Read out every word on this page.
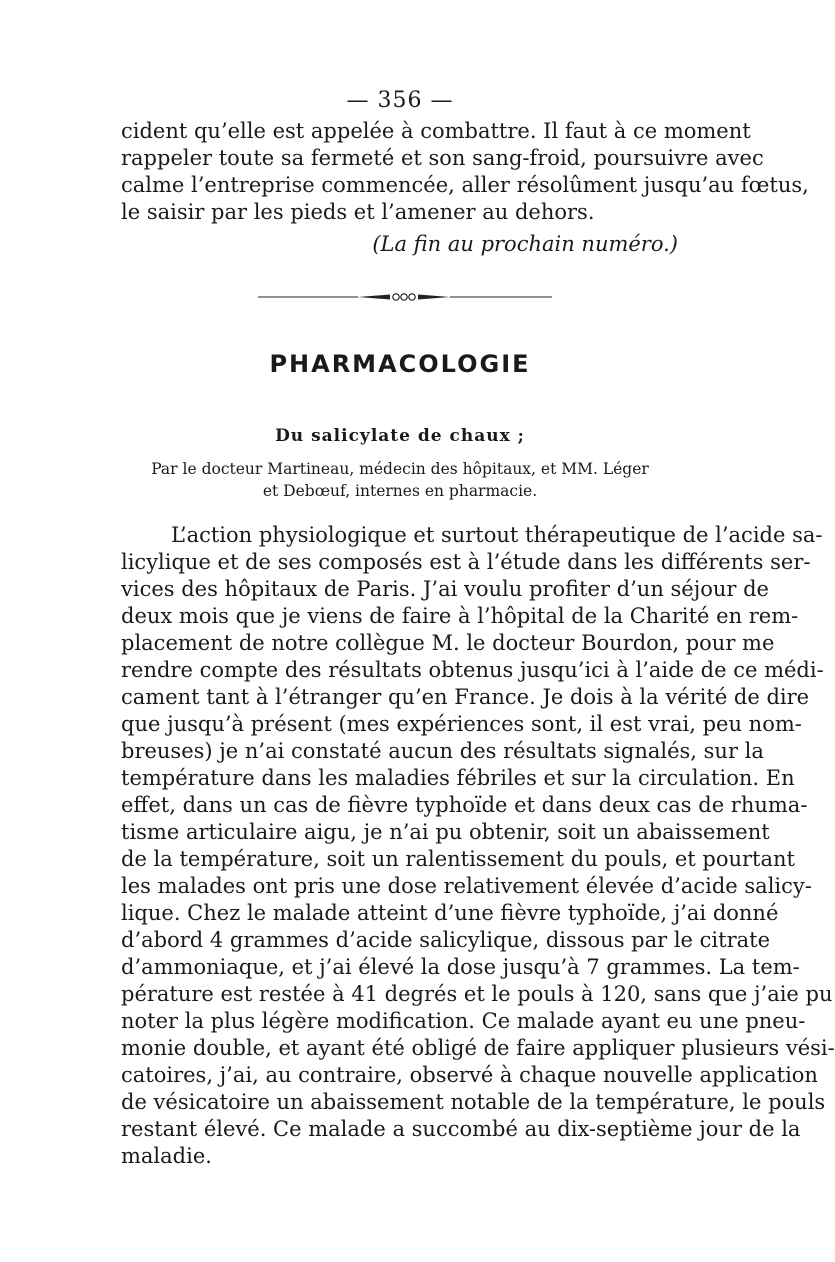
— 356 —
cident qu’elle est appelée à combattre. Il faut à ce moment
rappeler toute sa fermeté et son sang-froid, poursuivre avec
calme l’entreprise commencée, aller résolûment jusqu’au fœtus,
le saisir par les pieds et l’amener au dehors.
(La fin au prochain numéro.)
PHARMACOLOGIE
Du salicylate de chaux ;
Par le docteur Martineau, médecin des hôpitaux, et MM. Léger
et Debœuf, internes en pharmacie.
L’action physiologique et surtout thérapeutique de l’acide sa-
licylique et de ses composés est à l’étude dans les différents ser-
vices des hôpitaux de Paris. J’ai voulu profiter d’un séjour de
deux mois que je viens de faire à l’hôpital de la Charité en rem-
placement de notre collègue M. le docteur Bourdon, pour me
rendre compte des résultats obtenus jusqu’ici à l’aide de ce médi-
cament tant à l’étranger qu’en France. Je dois à la vérité de dire
que jusqu’à présent (mes expériences sont, il est vrai, peu nom-
breuses) je n’ai constaté aucun des résultats signalés, sur la
température dans les maladies fébriles et sur la circulation. En
effet, dans un cas de fièvre typhoïde et dans deux cas de rhuma-
tisme articulaire aigu, je n’ai pu obtenir, soit un abaissement
de la température, soit un ralentissement du pouls, et pourtant
les malades ont pris une dose relativement élevée d’acide salicy-
lique. Chez le malade atteint d’une fièvre typhoïde, j’ai donné
d’abord 4 grammes d’acide salicylique, dissous par le citrate
d’ammoniaque, et j’ai élevé la dose jusqu’à 7 grammes. La tem-
pérature est restée à 41 degrés et le pouls à 120, sans que j’aie pu
noter la plus légère modification. Ce malade ayant eu une pneu-
monie double, et ayant été obligé de faire appliquer plusieurs vési-
catoires, j’ai, au contraire, observé à chaque nouvelle application
de vésicatoire un abaissement notable de la température, le pouls
restant élevé. Ce malade a succombé au dix-septième jour de la
maladie.
